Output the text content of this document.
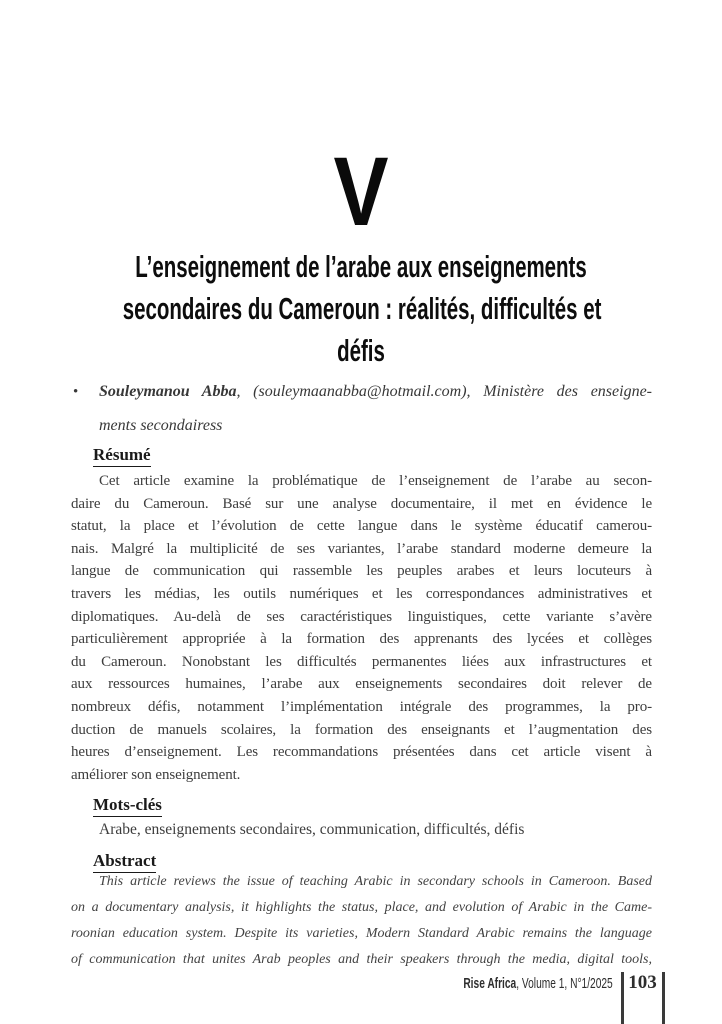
V
L’enseignement de l’arabe aux enseignements
secondaires du Cameroun : réalités, difficultés et
défis
• Souleymanou Abba, (souleymaanabba@hotmail.com), Ministère des enseigne-
ments secondairess
Résumé
Cet article examine la problématique de l’enseignement de l’arabe au secon-
daire du Cameroun. Basé sur une analyse documentaire, il met en évidence le
statut, la place et l’évolution de cette langue dans le système éducatif camerou-
nais. Malgré la multiplicité de ses variantes, l’arabe standard moderne demeure la
langue de communication qui rassemble les peuples arabes et leurs locuteurs à
travers les médias, les outils numériques et les correspondances administratives et
diplomatiques. Au-delà de ses caractéristiques linguistiques, cette variante s’avère
particulièrement appropriée à la formation des apprenants des lycées et collèges
du Cameroun. Nonobstant les difficultés permanentes liées aux infrastructures et
aux ressources humaines, l’arabe aux enseignements secondaires doit relever de
nombreux défis, notamment l’implémentation intégrale des programmes, la pro-
duction de manuels scolaires, la formation des enseignants et l’augmentation des
heures d’enseignement. Les recommandations présentées dans cet article visent à
améliorer son enseignement.
Mots-clés
Arabe, enseignements secondaires, communication, difficultés, défis
Abstract
This article reviews the issue of teaching Arabic in secondary schools in Cameroon. Based
on a documentary analysis, it highlights the status, place, and evolution of Arabic in the Came-
roonian education system. Despite its varieties, Modern Standard Arabic remains the language
of communication that unites Arab peoples and their speakers through the media, digital tools,
Rise Africa, Volume 1, N°1/2025 103
